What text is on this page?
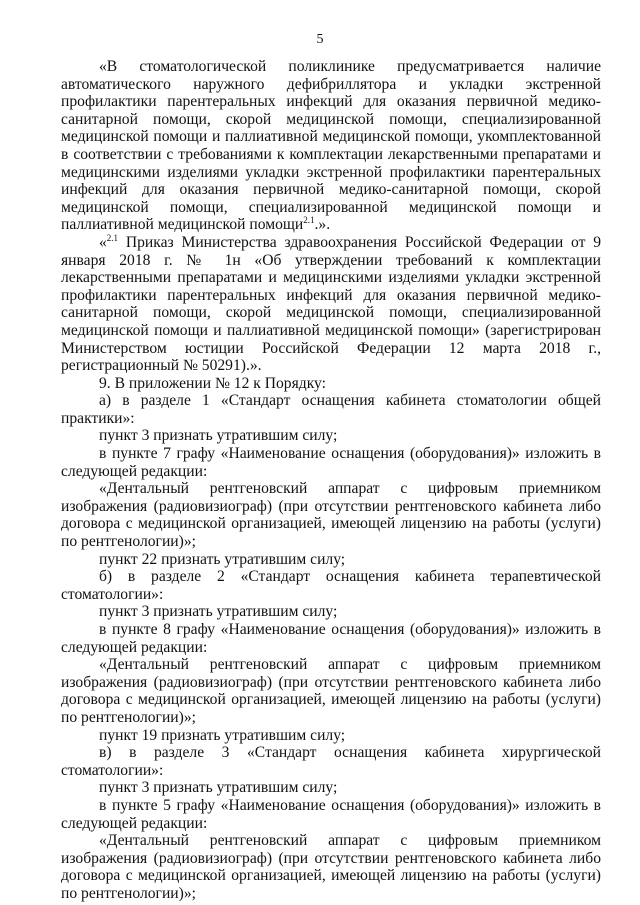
5

«В стоматологической поликлинике предусматривается наличие автоматического наружного дефибриллятора и укладки экстренной профилактики парентеральных инфекций для оказания первичной медико-санитарной помощи, скорой медицинской помощи, специализированной медицинской помощи и паллиативной медицинской помощи, укомплектованной в соответствии с требованиями к комплектации лекарственными препаратами и медицинскими изделиями укладки экстренной профилактики парентеральных инфекций для оказания первичной медико-санитарной помощи, скорой медицинской помощи, специализированной медицинской помощи и паллиативной медицинской помощи$^{2.1}$.».

«$^{2.1}$ Приказ Министерства здравоохранения Российской Федерации от 9 января 2018 г. № 1н «Об утверждении требований к комплектации лекарственными препаратами и медицинскими изделиями укладки экстренной профилактики парентеральных инфекций для оказания первичной медико-санитарной помощи, скорой медицинской помощи, специализированной медицинской помощи и паллиативной медицинской помощи» (зарегистрирован Министерством юстиции Российской Федерации 12 марта 2018 г., регистрационный № 50291).».

9. В приложении № 12 к Порядку:

а) в разделе 1 «Стандарт оснащения кабинета стоматологии общей практики»:

пункт 3 признать утратившим силу;

в пункте 7 графу «Наименование оснащения (оборудования)» изложить в следующей редакции:

«Дентальный рентгеновский аппарат с цифровым приемником изображения (радиовизиограф) (при отсутствии рентгеновского кабинета либо договора с медицинской организацией, имеющей лицензию на работы (услуги) по рентгенологии)»;

пункт 22 признать утратившим силу;

б) в разделе 2 «Стандарт оснащения кабинета терапевтической стоматологии»:

пункт 3 признать утратившим силу;

в пункте 8 графу «Наименование оснащения (оборудования)» изложить в следующей редакции:

«Дентальный рентгеновский аппарат с цифровым приемником изображения (радиовизиограф) (при отсутствии рентгеновского кабинета либо договора с медицинской организацией, имеющей лицензию на работы (услуги) по рентгенологии)»;

пункт 19 признать утратившим силу;

в) в разделе 3 «Стандарт оснащения кабинета хирургической стоматологии»:

пункт 3 признать утратившим силу;

в пункте 5 графу «Наименование оснащения (оборудования)» изложить в следующей редакции:

«Дентальный рентгеновский аппарат с цифровым приемником изображения (радиовизиограф) (при отсутствии рентгеновского кабинета либо договора с медицинской организацией, имеющей лицензию на работы (услуги) по рентгенологии)»;
